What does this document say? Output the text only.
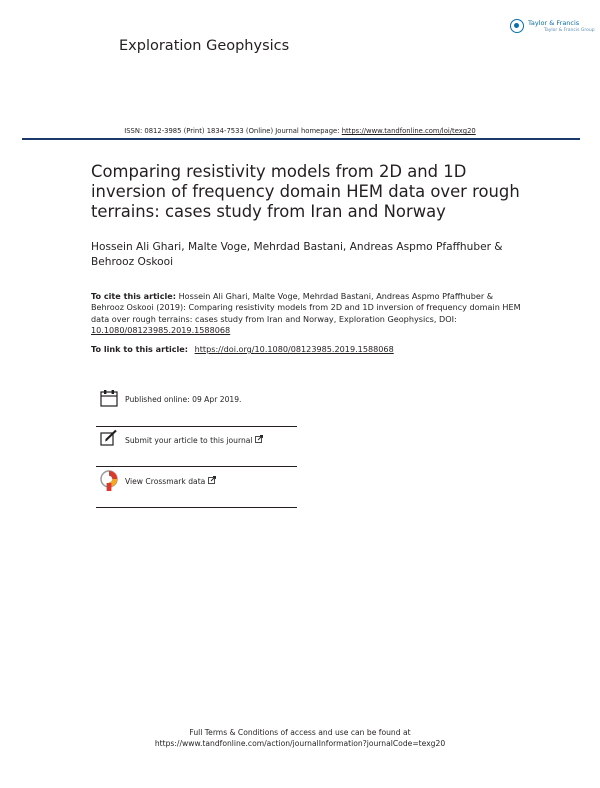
Exploration Geophysics
Taylor & Francis
Taylor & Francis Group
ISSN: 0812-3985 (Print) 1834-7533 (Online) Journal homepage: https://www.tandfonline.com/loi/texg20
Comparing resistivity models from 2D and 1D inversion of frequency domain HEM data over rough terrains: cases study from Iran and Norway
Hossein Ali Ghari, Malte Voge, Mehrdad Bastani, Andreas Aspmo Pfaffhuber & Behrooz Oskooi
To cite this article: Hossein Ali Ghari, Malte Voge, Mehrdad Bastani, Andreas Aspmo Pfaffhuber & Behrooz Oskooi (2019): Comparing resistivity models from 2D and 1D inversion of frequency domain HEM data over rough terrains: cases study from Iran and Norway, Exploration Geophysics, DOI: 10.1080/08123985.2019.1588068
To link to this article: https://doi.org/10.1080/08123985.2019.1588068
Published online: 09 Apr 2019.
Submit your article to this journal
View Crossmark data
Full Terms & Conditions of access and use can be found at
https://www.tandfonline.com/action/journalInformation?journalCode=texg20
